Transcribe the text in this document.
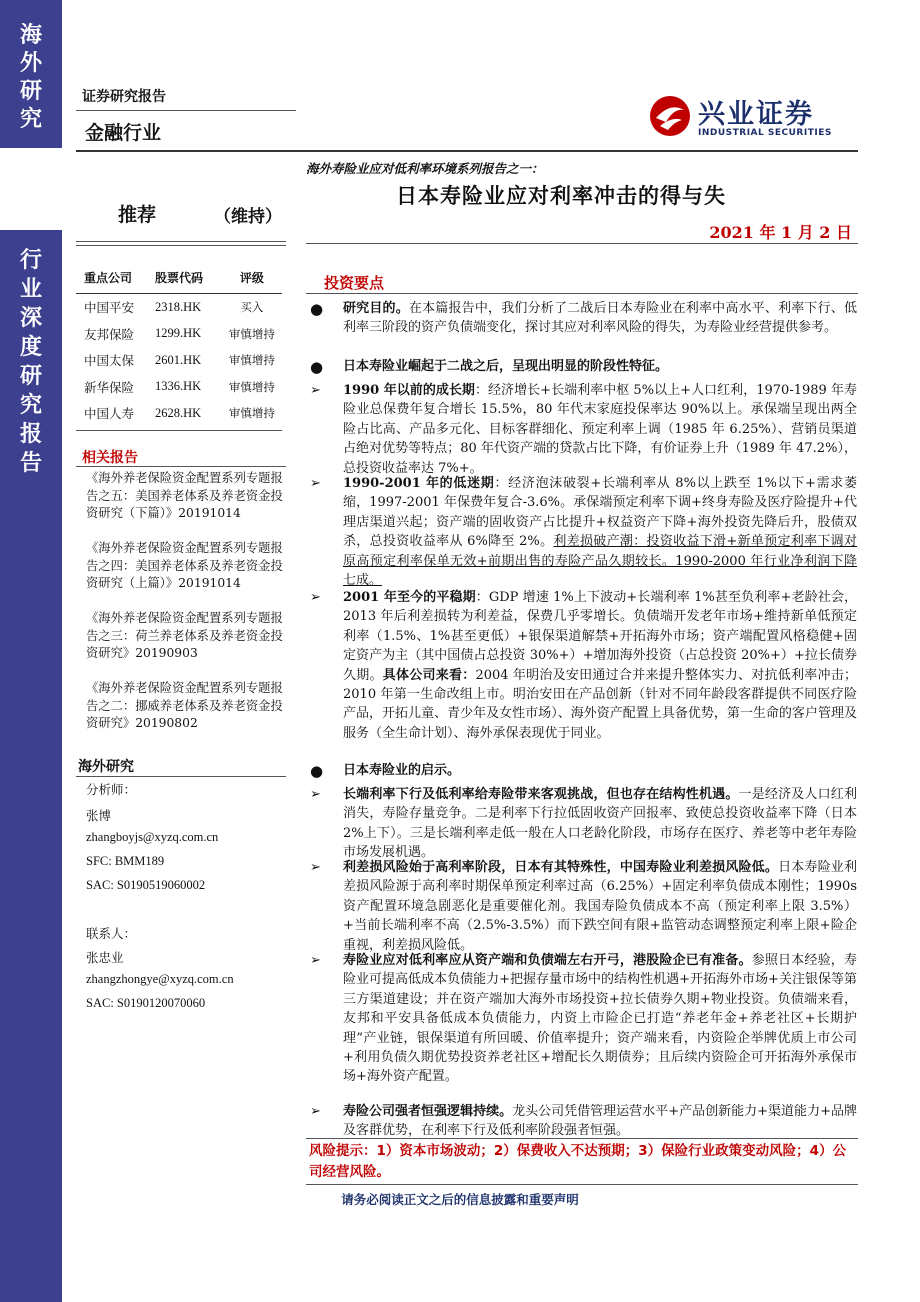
海
外
研
究
行
业
深
度
研
究
报
告
证券研究报告
金融行业
兴业证券
INDUSTRIAL SECURITIES
海外寿险业应对低利率环境系列报告之一：
日本寿险业应对利率冲击的得与失
推荐	（维持）
2021 年 1 月 2 日
重点公司	股票代码	评级
中国平安	2318.HK	买入
友邦保险	1299.HK	审慎增持
中国太保	2601.HK	审慎增持
新华保险	1336.HK	审慎增持
中国人寿	2628.HK	审慎增持
相关报告
《海外养老保险资金配置系列专题报告之五：美国养老体系及养老资金投资研究（下篇）》20191014
《海外养老保险资金配置系列专题报告之四：美国养老体系及养老资金投资研究（上篇）》20191014
《海外养老保险资金配置系列专题报告之三：荷兰养老体系及养老资金投资研究》20190903
《海外养老保险资金配置系列专题报告之二：挪威养老体系及养老资金投资研究》20190802
海外研究
分析师：
张博
zhangboyjs@xyzq.com.cn
SFC: BMM189
SAC: S0190519060002
联系人：
张忠业
zhangzhongye@xyzq.com.cn
SAC: S0190120070060
投资要点
● 研究目的。在本篇报告中，我们分析了二战后日本寿险业在利率中高水平、利率下行、低利率三阶段的资产负债端变化，探讨其应对利率风险的得失，为寿险业经营提供参考。
● 日本寿险业崛起于二战之后，呈现出明显的阶段性特征。
➢ 1990 年以前的成长期：经济增长+长端利率中枢 5%以上+人口红利，1970-1989 年寿险业总保费年复合增长 15.5%，80 年代末家庭投保率达 90%以上。承保端呈现出两全险占比高、产品多元化、目标客群细化、预定利率上调（1985 年 6.25%）、营销员渠道占绝对优势等特点；80 年代资产端的贷款占比下降，有价证券上升（1989 年 47.2%），总投资收益率达 7%+。
➢ 1990-2001 年的低迷期：经济泡沫破裂+长端利率从 8%以上跌至 1%以下+需求萎缩，1997-2001 年保费年复合-3.6%。承保端预定利率下调+终身寿险及医疗险提升+代理店渠道兴起；资产端的固收资产占比提升+权益资产下降+海外投资先降后升，股债双杀，总投资收益率从 6%降至 2%。利差损破产潮：投资收益下滑+新单预定利率下调对原高预定利率保单无效+前期出售的寿险产品久期较长。1990-2000 年行业净利润下降七成。
➢ 2001 年至今的平稳期：GDP 增速 1%上下波动+长端利率 1%甚至负利率+老龄社会，2013 年后利差损转为利差益，保费几乎零增长。负债端开发老年市场+维持新单低预定利率（1.5%、1%甚至更低）+银保渠道解禁+开拓海外市场；资产端配置风格稳健+固定资产为主（其中国债占总投资 30%+）+增加海外投资（占总投资 20%+）+拉长债券久期。具体公司来看：2004 年明治及安田通过合并来提升整体实力、对抗低利率冲击；2010 年第一生命改组上市。明治安田在产品创新（针对不同年龄段客群提供不同医疗险产品，开拓儿童、青少年及女性市场）、海外资产配置上具备优势，第一生命的客户管理及服务（全生命计划）、海外承保表现优于同业。
● 日本寿险业的启示。
➢ 长端利率下行及低利率给寿险带来客观挑战，但也存在结构性机遇。一是经济及人口红利消失，寿险存量竞争。二是利率下行拉低固收资产回报率、致使总投资收益率下降（日本 2%上下）。三是长端利率走低一般在人口老龄化阶段，市场存在医疗、养老等中老年寿险市场发展机遇。
➢ 利差损风险始于高利率阶段，日本有其特殊性，中国寿险业利差损风险低。日本寿险业利差损风险源于高利率时期保单预定利率过高（6.25%）+固定利率负债成本刚性；1990s 资产配置环境急剧恶化是重要催化剂。我国寿险负债成本不高（预定利率上限 3.5%）+当前长端利率不高（2.5%-3.5%）而下跌空间有限+监管动态调整预定利率上限+险企重视，利差损风险低。
➢ 寿险业应对低利率应从资产端和负债端左右开弓，港股险企已有准备。参照日本经验，寿险业可提高低成本负债能力+把握存量市场中的结构性机遇+开拓海外市场+关注银保等第三方渠道建设；并在资产端加大海外市场投资+拉长债券久期+物业投资。负债端来看，友邦和平安具备低成本负债能力，内资上市险企已打造“养老年金+养老社区+长期护理”产业链，银保渠道有所回暖、价值率提升；资产端来看，内资险企举牌优质上市公司+利用负债久期优势投资养老社区+增配长久期债券；且后续内资险企可开拓海外承保市场+海外资产配置。
➢ 寿险公司强者恒强逻辑持续。龙头公司凭借管理运营水平+产品创新能力+渠道能力+品牌及客群优势，在利率下行及低利率阶段强者恒强。
风险提示：1）资本市场波动；2）保费收入不达预期；3）保险行业政策变动风险；4）公司经营风险。
请务必阅读正文之后的信息披露和重要声明
